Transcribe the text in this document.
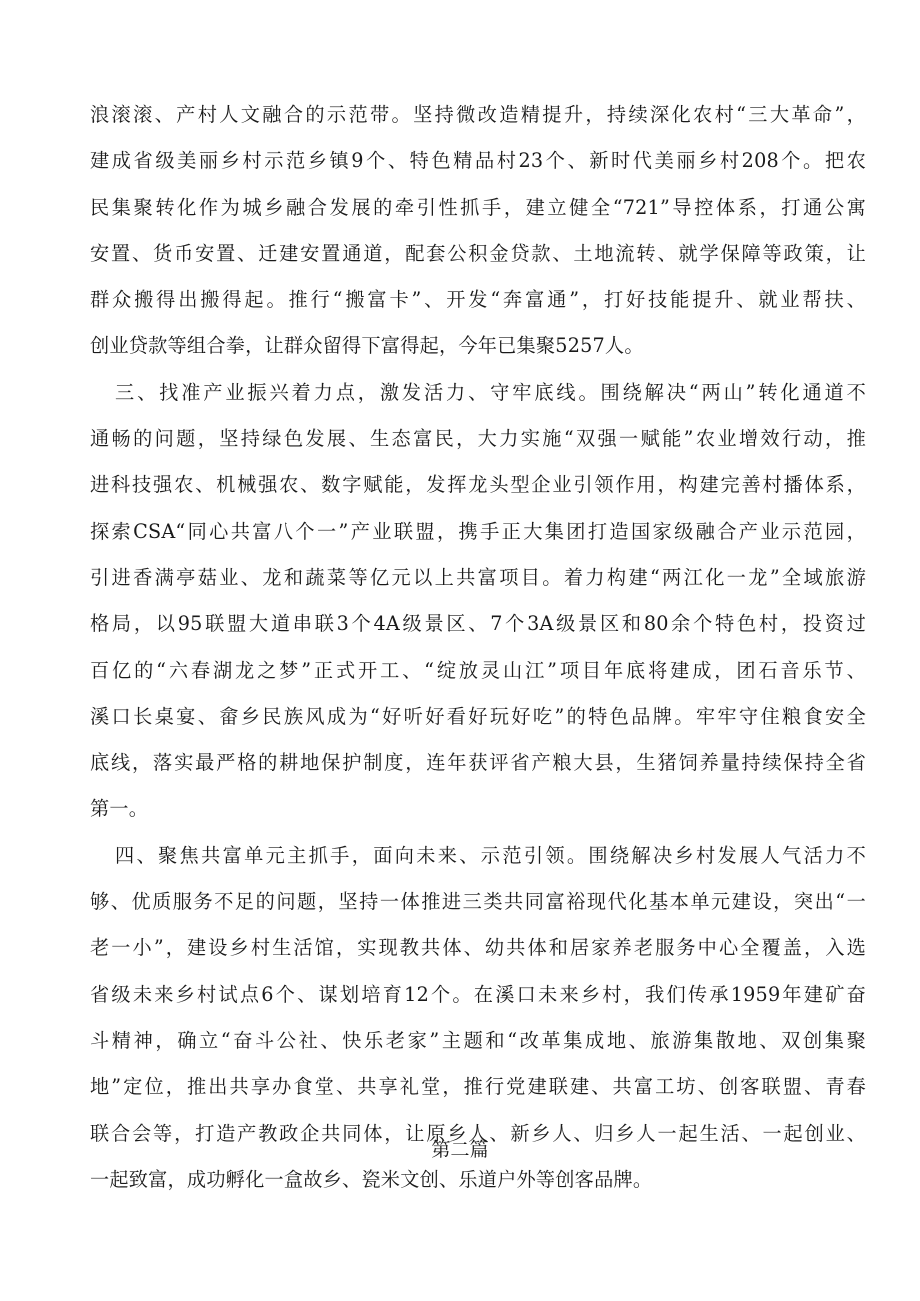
浪滚滚、产村人文融合的示范带。坚持微改造精提升，持续深化农村“三大革命”，
建成省级美丽乡村示范乡镇9个、特色精品村23个、新时代美丽乡村208个。把农
民集聚转化作为城乡融合发展的牵引性抓手，建立健全“721”导控体系，打通公寓
安置、货币安置、迁建安置通道，配套公积金贷款、土地流转、就学保障等政策，让
群众搬得出搬得起。推行“搬富卡”、开发“奔富通”，打好技能提升、就业帮扶、
创业贷款等组合拳，让群众留得下富得起，今年已集聚5257人。
三、找准产业振兴着力点，激发活力、守牢底线。围绕解决“两山”转化通道不
通畅的问题，坚持绿色发展、生态富民，大力实施“双强一赋能”农业增效行动，推
进科技强农、机械强农、数字赋能，发挥龙头型企业引领作用，构建完善村播体系，
探索CSA“同心共富八个一”产业联盟，携手正大集团打造国家级融合产业示范园，
引进香满亭菇业、龙和蔬菜等亿元以上共富项目。着力构建“两江化一龙”全域旅游
格局，以95联盟大道串联3个4A级景区、7个3A级景区和80余个特色村，投资过
百亿的“六春湖龙之梦”正式开工、“绽放灵山江”项目年底将建成，团石音乐节、
溪口长桌宴、畲乡民族风成为“好听好看好玩好吃”的特色品牌。牢牢守住粮食安全
底线，落实最严格的耕地保护制度，连年获评省产粮大县，生猪饲养量持续保持全省
第一。
四、聚焦共富单元主抓手，面向未来、示范引领。围绕解决乡村发展人气活力不
够、优质服务不足的问题，坚持一体推进三类共同富裕现代化基本单元建设，突出“一
老一小”，建设乡村生活馆，实现教共体、幼共体和居家养老服务中心全覆盖，入选
省级未来乡村试点6个、谋划培育12个。在溪口未来乡村，我们传承1959年建矿奋
斗精神，确立“奋斗公社、快乐老家”主题和“改革集成地、旅游集散地、双创集聚
地”定位，推出共享办食堂、共享礼堂，推行党建联建、共富工坊、创客联盟、青春
联合会等，打造产教政企共同体，让原乡人、新乡人、归乡人一起生活、一起创业、
一起致富，成功孵化一盒故乡、瓷米文创、乐道户外等创客品牌。
第二篇
